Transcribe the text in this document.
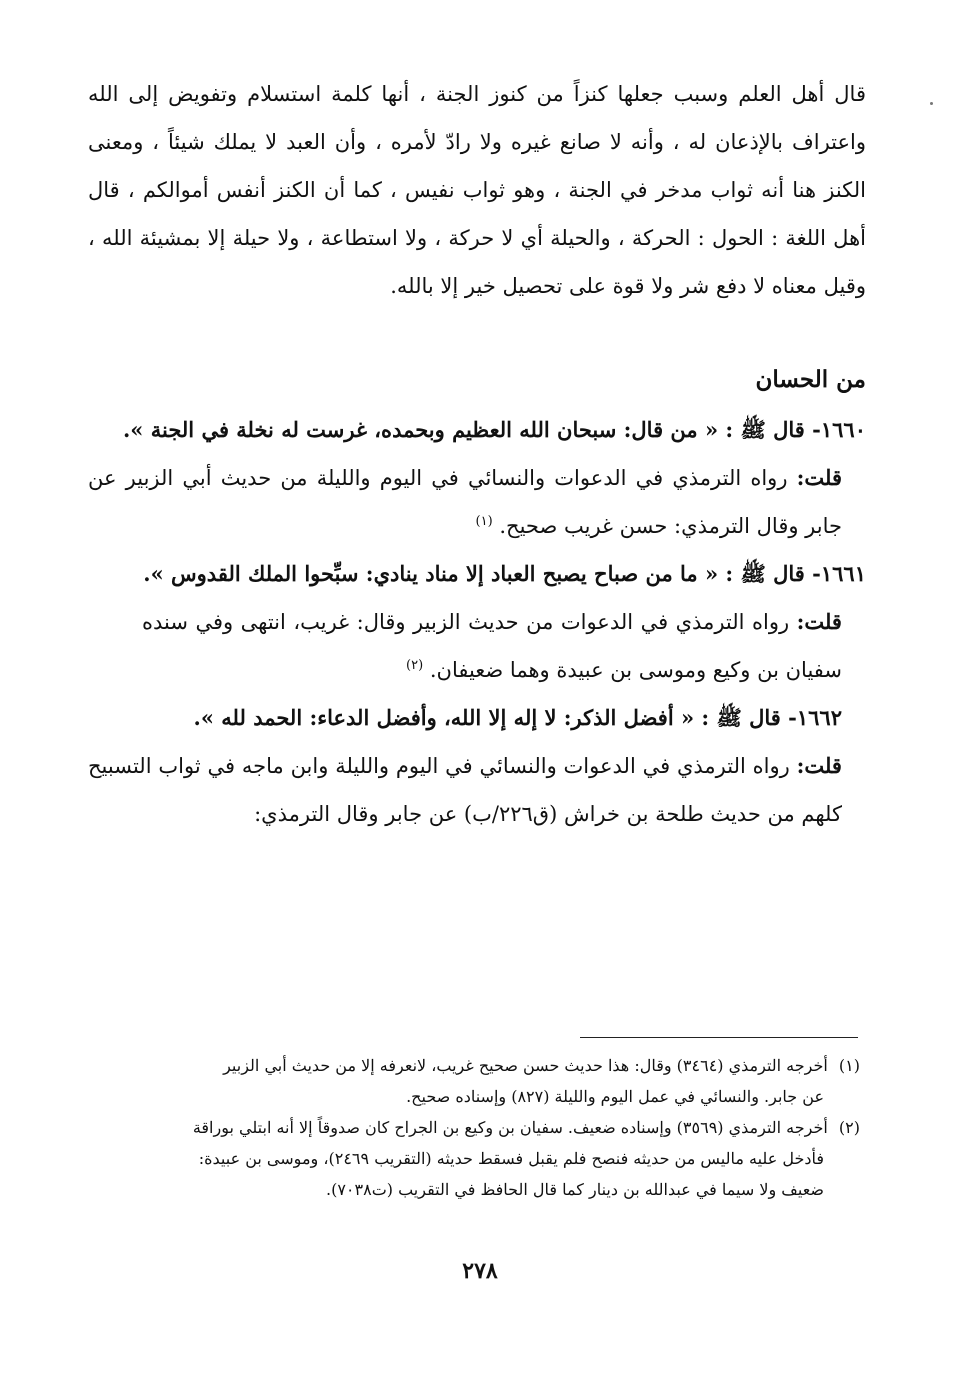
قال أهل العلم وسبب جعلها كنزاً من كنوز الجنة ، أنها كلمة استسلام وتفويض إلى الله واعتراف بالإذعان له ، وأنه لا صانع غيره ولا رادّ لأمره ، وأن العبد لا يملك شيئاً ، ومعنى الكنز هنا أنه ثواب مدخر في الجنة ، وهو ثواب نفيس ، كما أن الكنز أنفس أموالكم ، قال أهل اللغة : الحول : الحركة ، والحيلة أي لا حركة ، ولا استطاعة ، ولا حيلة إلا بمشيئة الله ، وقيل معناه لا دفع شر ولا قوة على تحصيل خير إلا بالله.

من الحسان

١٦٦٠- قال ﷺ : « من قال: سبحان الله العظيم وبحمده، غرست له نخلة في الجنة ».

قلت: رواه الترمذي في الدعوات والنسائي في اليوم والليلة من حديث أبي الزبير عن جابر وقال الترمذي: حسن غريب صحيح. $^{(١)}$

١٦٦١- قال ﷺ : « ما من صباح يصبح العباد إلا مناد ينادي: سبِّحوا الملك القدوس ».

قلت: رواه الترمذي في الدعوات من حديث الزبير وقال: غريب، انتهى وفي سنده سفيان بن وكيع وموسى بن عبيدة وهما ضعيفان. $^{(٢)}$

١٦٦٢- قال ﷺ : « أفضل الذكر: لا إله إلا الله، وأفضل الدعاء: الحمد لله ».

قلت: رواه الترمذي في الدعوات والنسائي في اليوم والليلة وابن ماجه في ثواب التسبيح كلهم من حديث طلحة بن خراش (ق٢٢٦/ب) عن جابر وقال الترمذي:

(١) أخرجه الترمذي (٣٤٦٤) وقال: هذا حديث حسن صحيح غريب، لانعرفه إلا من حديث أبي الزبير

عن جابر. والنسائي في عمل اليوم والليلة (٨٢٧) وإسناده صحيح.

(٢) أخرجه الترمذي (٣٥٦٩) وإسناده ضعيف. سفيان بن وكيع بن الجراح كان صدوقاً إلا أنه ابتلي بوراقة

فأدخل عليه ماليس من حديثه فنصح فلم يقبل فسقط حديثه (التقريب ٢٤٦٩)، وموسى بن عبيدة:

ضعيف ولا سيما في عبدالله بن دينار كما قال الحافظ في التقريب (ت٧٠٣٨).

٢٧٨
